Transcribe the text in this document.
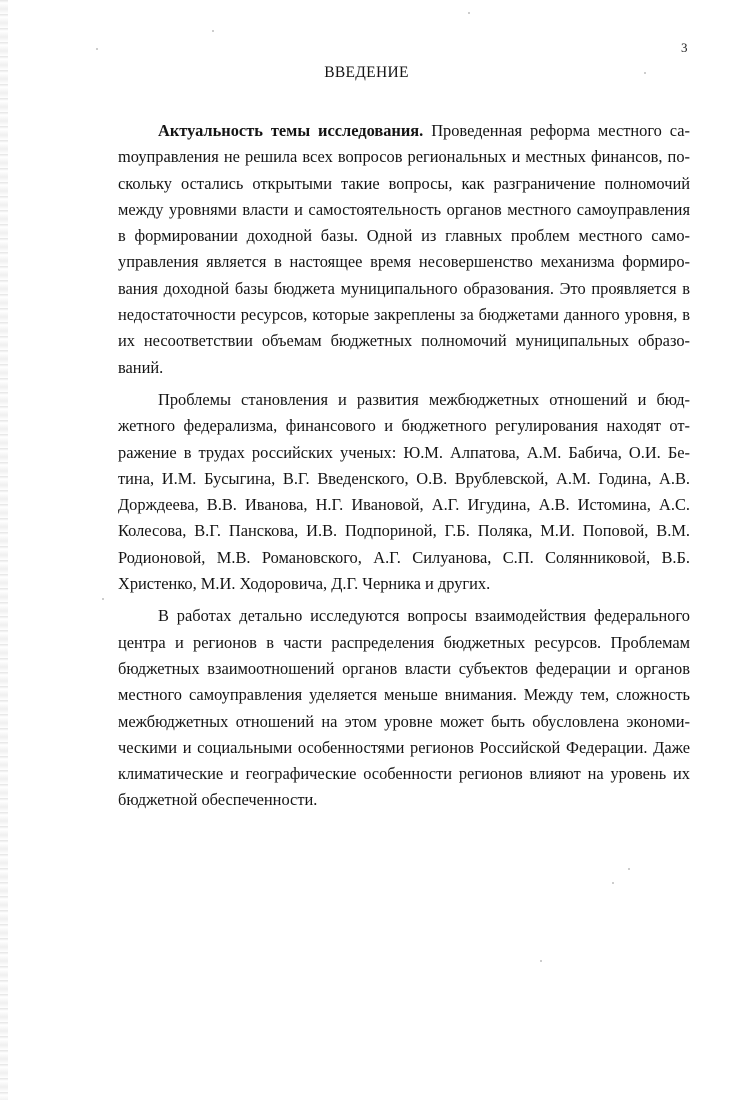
3
ВВЕДЕНИЕ

Актуальность темы исследования. Проведенная реформа местного саmоуправления не решила всех вопросов региональных и местных финансов, поскольку остались открытыми такие вопросы, как разграничение полномочий между уровнями власти и самостоятельность органов местного самоуправления в формировании доходной базы. Одной из главных проблем местного самоуправления является в настоящее время несовершенство механизма формирования доходной базы бюджета муниципального образования. Это проявляется в недостаточности ресурсов, которые закреплены за бюджетами данного уровня, в их несоответствии объемам бюджетных полномочий муниципальных образований.

Проблемы становления и развития межбюджетных отношений и бюджетного федерализма, финансового и бюджетного регулирования находят отражение в трудах российских ученых: Ю.М. Алпатова, А.М. Бабича, О.И. Бетина, И.М. Бусыгина, В.Г. Введенского, О.В. Врублевской, А.М. Година, А.В. Дорждеева, В.В. Иванова, Н.Г. Ивановой, А.Г. Игудина, А.В. Истомина, А.С. Колесова, В.Г. Панскова, И.В. Подпориной, Г.Б. Поляка, М.И. Поповой, В.М. Родионовой, М.В. Романовского, А.Г. Силуанова, С.П. Солянниковой, В.Б. Христенко, М.И. Ходоровича, Д.Г. Черника и других.

В работах детально исследуются вопросы взаимодействия федерального центра и регионов в части распределения бюджетных ресурсов. Проблемам бюджетных взаимоотношений органов власти субъектов федерации и органов местного самоуправления уделяется меньше внимания. Между тем, сложность межбюджетных отношений на этом уровне может быть обусловлена экономическими и социальными особенностями регионов Российской Федерации. Даже климатические и географические особенности регионов влияют на уровень их бюджетной обеспеченности.
